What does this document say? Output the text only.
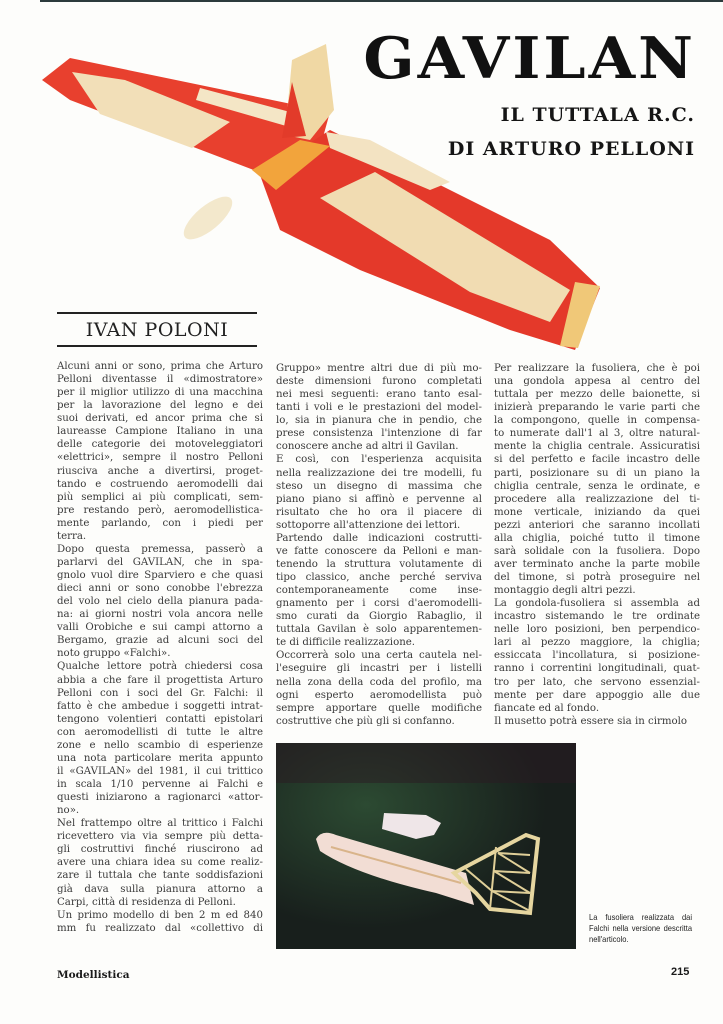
GAVILAN
IL TUTTALA R.C.
DI ARTURO PELLONI
IVAN POLONI
Alcuni anni or sono, prima che Arturo
Pelloni diventasse il «dimostratore»
per il miglior utilizzo di una macchina
per la lavorazione del legno e dei
suoi derivati, ed ancor prima che si
laureasse Campione Italiano in una
delle categorie dei motoveleggiatori
«elettrici», sempre il nostro Pelloni
riusciva anche a divertirsi, proget-
tando e costruendo aeromodelli dai
più semplici ai più complicati, sem-
pre restando però, aeromodellistica-
mente parlando, con i piedi per
terra.
Dopo questa premessa, passerò a
parlarvi del GAVILAN, che in spa-
gnolo vuol dire Sparviero e che quasi
dieci anni or sono conobbe l'ebrezza
del volo nel cielo della pianura pada-
na: ai giorni nostri vola ancora nelle
valli Orobiche e sui campi attorno a
Bergamo, grazie ad alcuni soci del
noto gruppo «Falchi».
Qualche lettore potrà chiedersi cosa
abbia a che fare il progettista Arturo
Pelloni con i soci del Gr. Falchi: il
fatto è che ambedue i soggetti intrat-
tengono volentieri contatti epistolari
con aeromodellisti di tutte le altre
zone e nello scambio di esperienze
una nota particolare merita appunto
il «GAVILAN» del 1981, il cui trittico
in scala 1/10 pervenne ai Falchi e
questi iniziarono a ragionarci «attor-
no».
Nel frattempo oltre al trittico i Falchi
ricevettero via via sempre più detta-
gli costruttivi finché riuscirono ad
avere una chiara idea su come realiz-
zare il tuttala che tante soddisfazioni
già dava sulla pianura attorno a
Carpi, città di residenza di Pelloni.
Un primo modello di ben 2 m ed 840
mm fu realizzato dal «collettivo di
Gruppo» mentre altri due di più mo-
deste dimensioni furono completati
nei mesi seguenti: erano tanto esal-
tanti i voli e le prestazioni del model-
lo, sia in pianura che in pendio, che
prese consistenza l'intenzione di far
conoscere anche ad altri il Gavilan.
E così, con l'esperienza acquisita
nella realizzazione dei tre modelli, fu
steso un disegno di massima che
piano piano si affinò e pervenne al
risultato che ho ora il piacere di
sottoporre all'attenzione dei lettori.
Partendo dalle indicazioni costrutti-
ve fatte conoscere da Pelloni e man-
tenendo la struttura volutamente di
tipo classico, anche perché serviva
contemporaneamente come inse-
gnamento per i corsi d'aeromodelli-
smo curati da Giorgio Rabaglio, il
tuttala Gavilan è solo apparentemen-
te di difficile realizzazione.
Occorrerà solo una certa cautela nel-
l'eseguire gli incastri per i listelli
nella zona della coda del profilo, ma
ogni esperto aeromodellista può
sempre apportare quelle modifiche
costruttive che più gli si confanno.
Per realizzare la fusoliera, che è poi
una gondola appesa al centro del
tuttala per mezzo delle baionette, si
inizierà preparando le varie parti che
la compongono, quelle in compensa-
to numerate dall'1 al 3, oltre natural-
mente la chiglia centrale. Assicuratisi
si del perfetto e facile incastro delle
parti, posizionare su di un piano la
chiglia centrale, senza le ordinate, e
procedere alla realizzazione del ti-
mone verticale, iniziando da quei
pezzi anteriori che saranno incollati
alla chiglia, poiché tutto il timone
sarà solidale con la fusoliera. Dopo
aver terminato anche la parte mobile
del timone, si potrà proseguire nel
montaggio degli altri pezzi.
La gondola-fusoliera si assembla ad
incastro sistemando le tre ordinate
nelle loro posizioni, ben perpendico-
lari al pezzo maggiore, la chiglia;
essiccata l'incollatura, si posizione-
ranno i correntini longitudinali, quat-
tro per lato, che servono essenzial-
mente per dare appoggio alle due
fiancate ed al fondo.
Il musetto potrà essere sia in cirmolo
La fusoliera realizzata dai Falchi nella versione descritta nell'articolo.
Modellistica	215
